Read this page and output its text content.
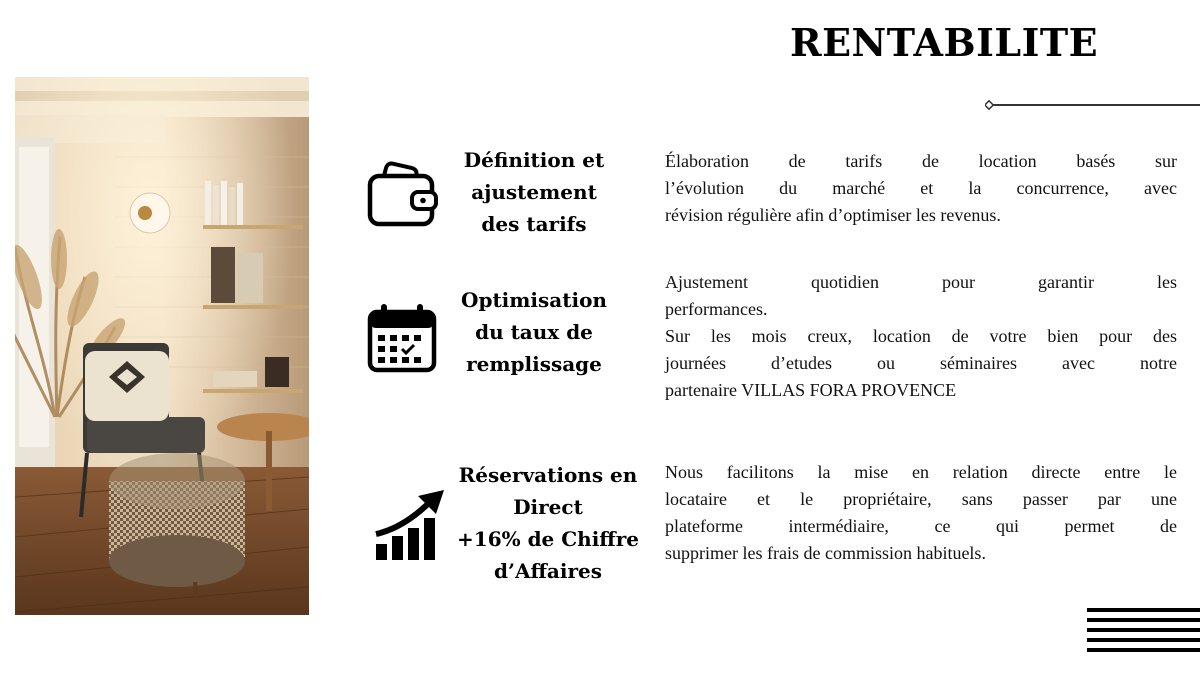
RENTABILITE
Définition et
ajustement
des tarifs

Élaboration de tarifs de location basés sur

l’évolution du marché et la concurrence, avec

révision régulière afin d’optimiser les revenus.

Optimisation
du taux de
remplissage

Ajustement quotidien pour garantir les

performances.

Sur les mois creux, location de votre bien pour des

journées d’etudes ou séminaires avec notre

partenaire VILLAS FORA PROVENCE

Réservations en
Direct
+16% de Chiffre
d’Affaires

Nous facilitons la mise en relation directe entre le

locataire et le propriétaire, sans passer par une

plateforme intermédiaire, ce qui permet de

supprimer les frais de commission habituels.
